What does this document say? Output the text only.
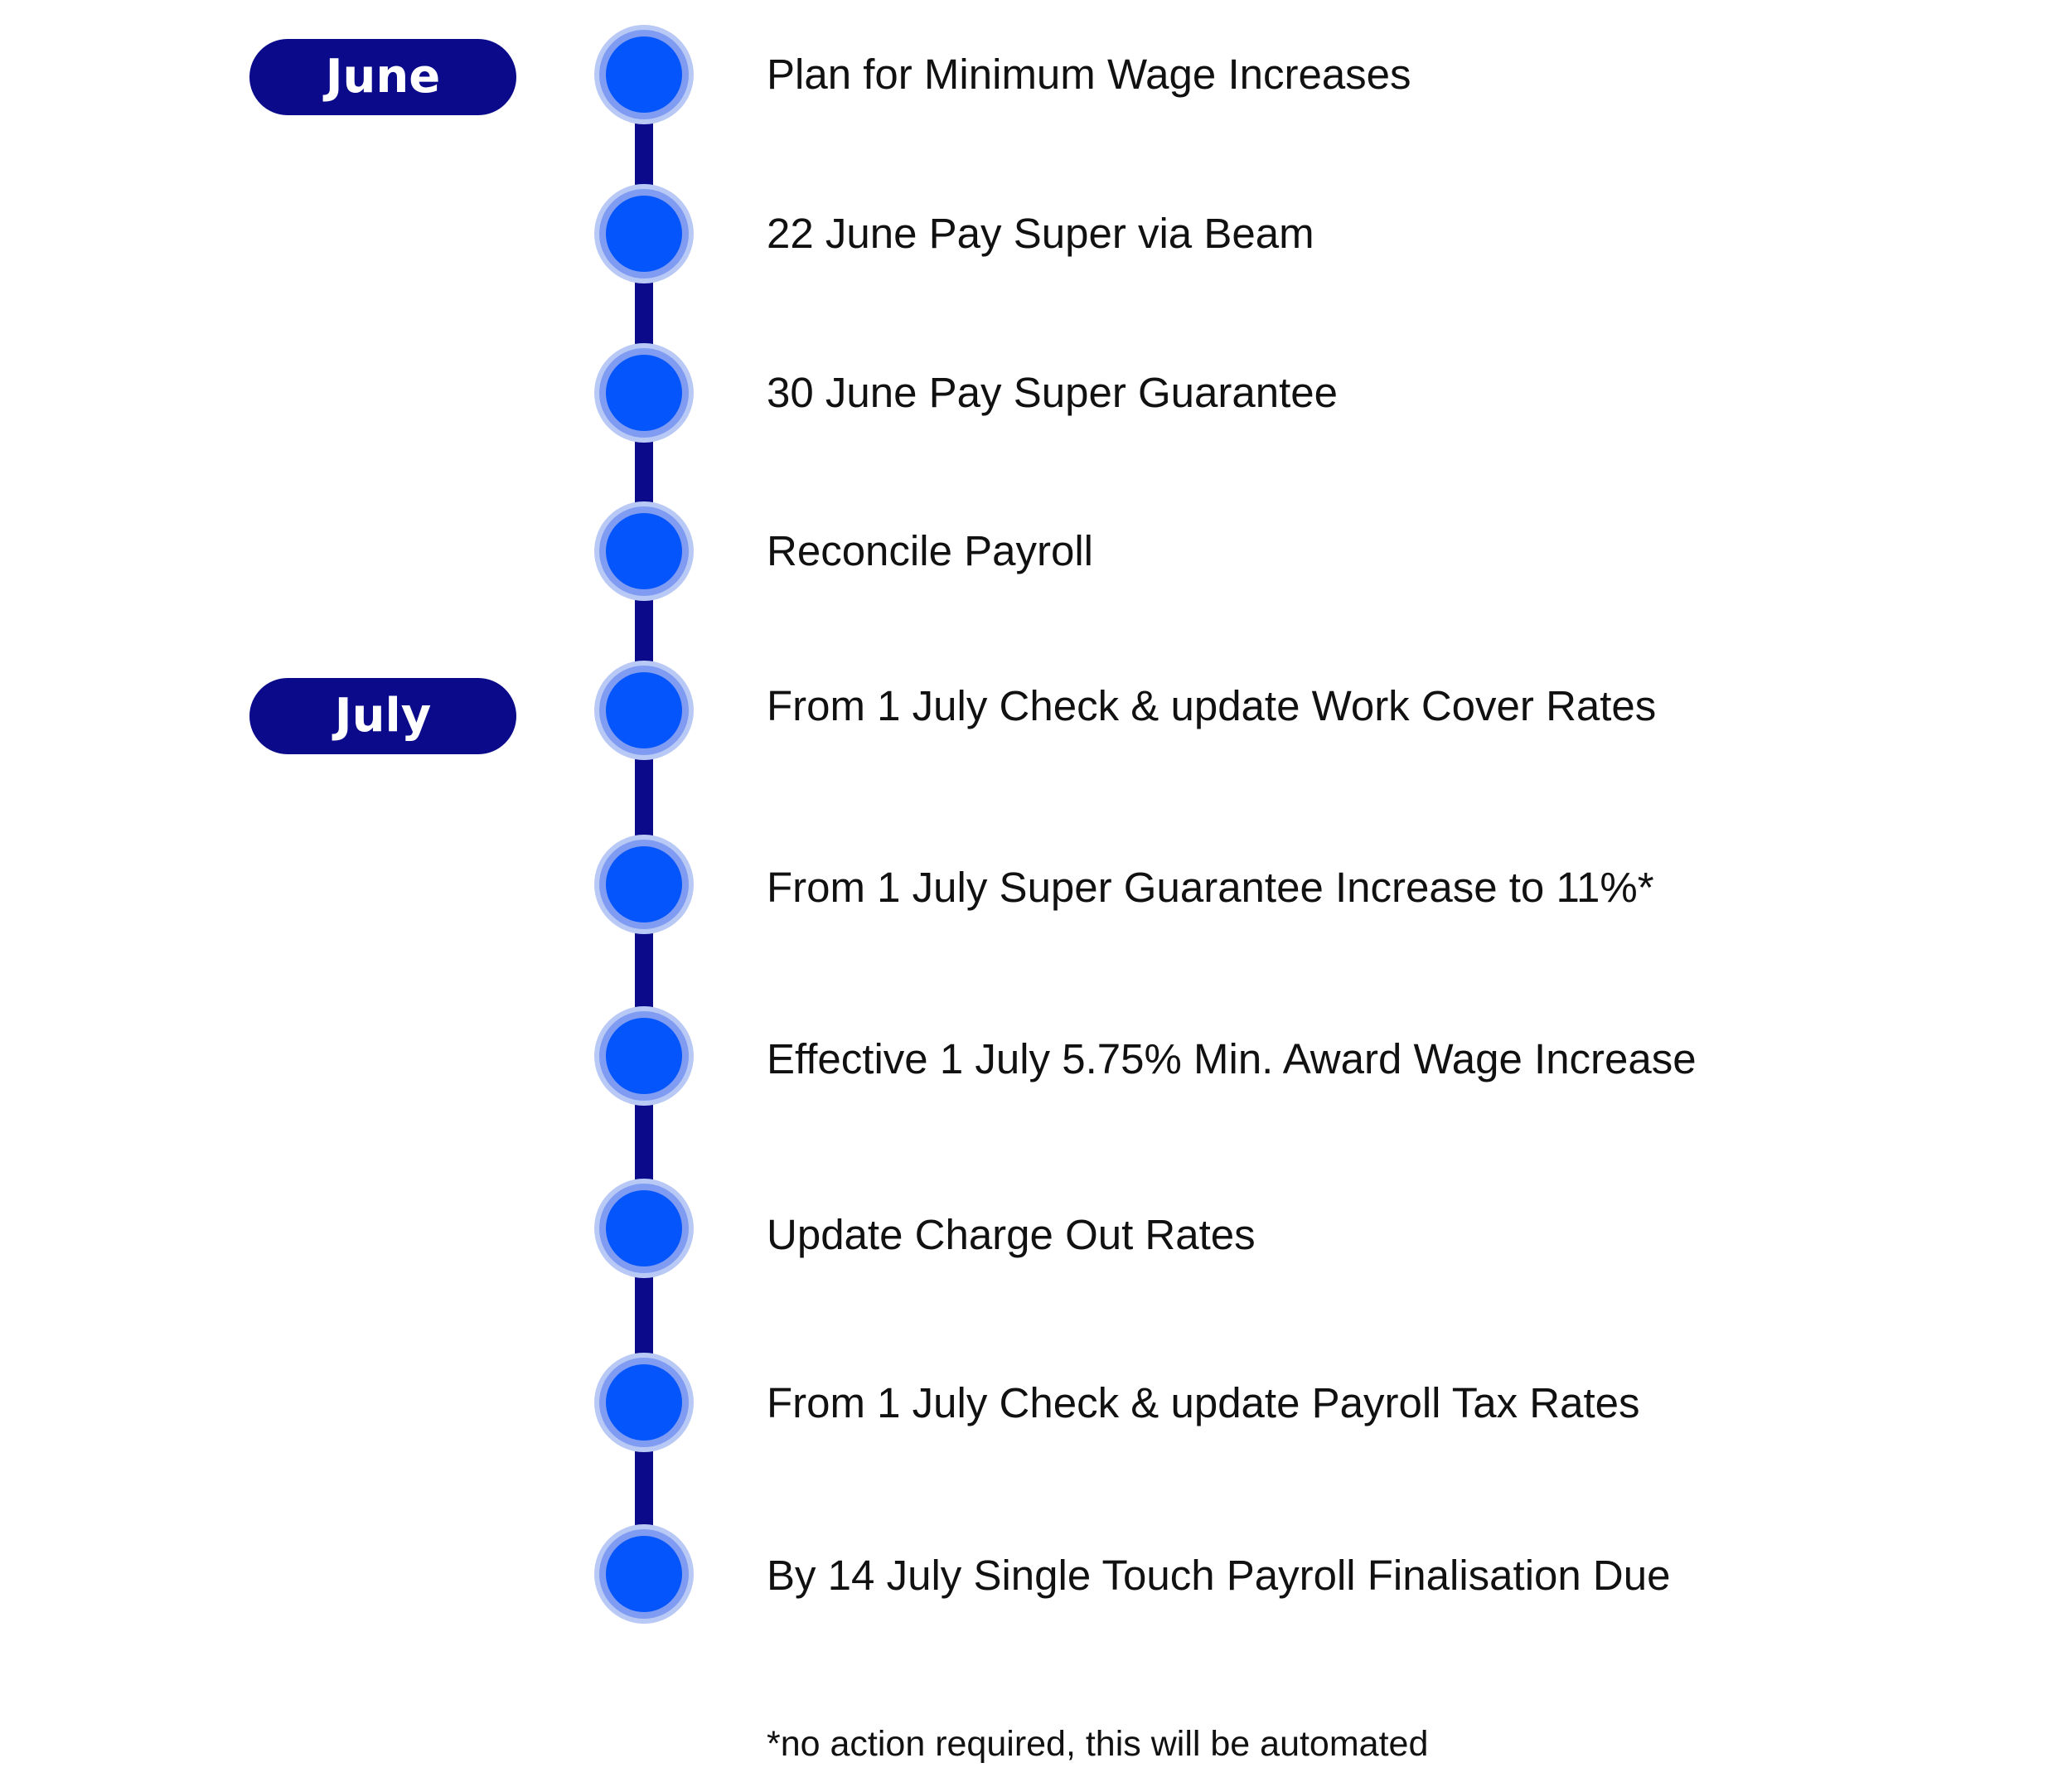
June
July
Plan for Minimum Wage Increases
22 June Pay Super via Beam
30 June Pay Super Guarantee
Reconcile Payroll
From 1 July Check & update Work Cover Rates
From 1 July Super Guarantee Increase to 11%*
Effective 1 July 5.75% Min. Award Wage Increase
Update Charge Out Rates
From 1 July Check & update Payroll Tax Rates
By 14 July Single Touch Payroll Finalisation Due
*no action required, this will be automated
